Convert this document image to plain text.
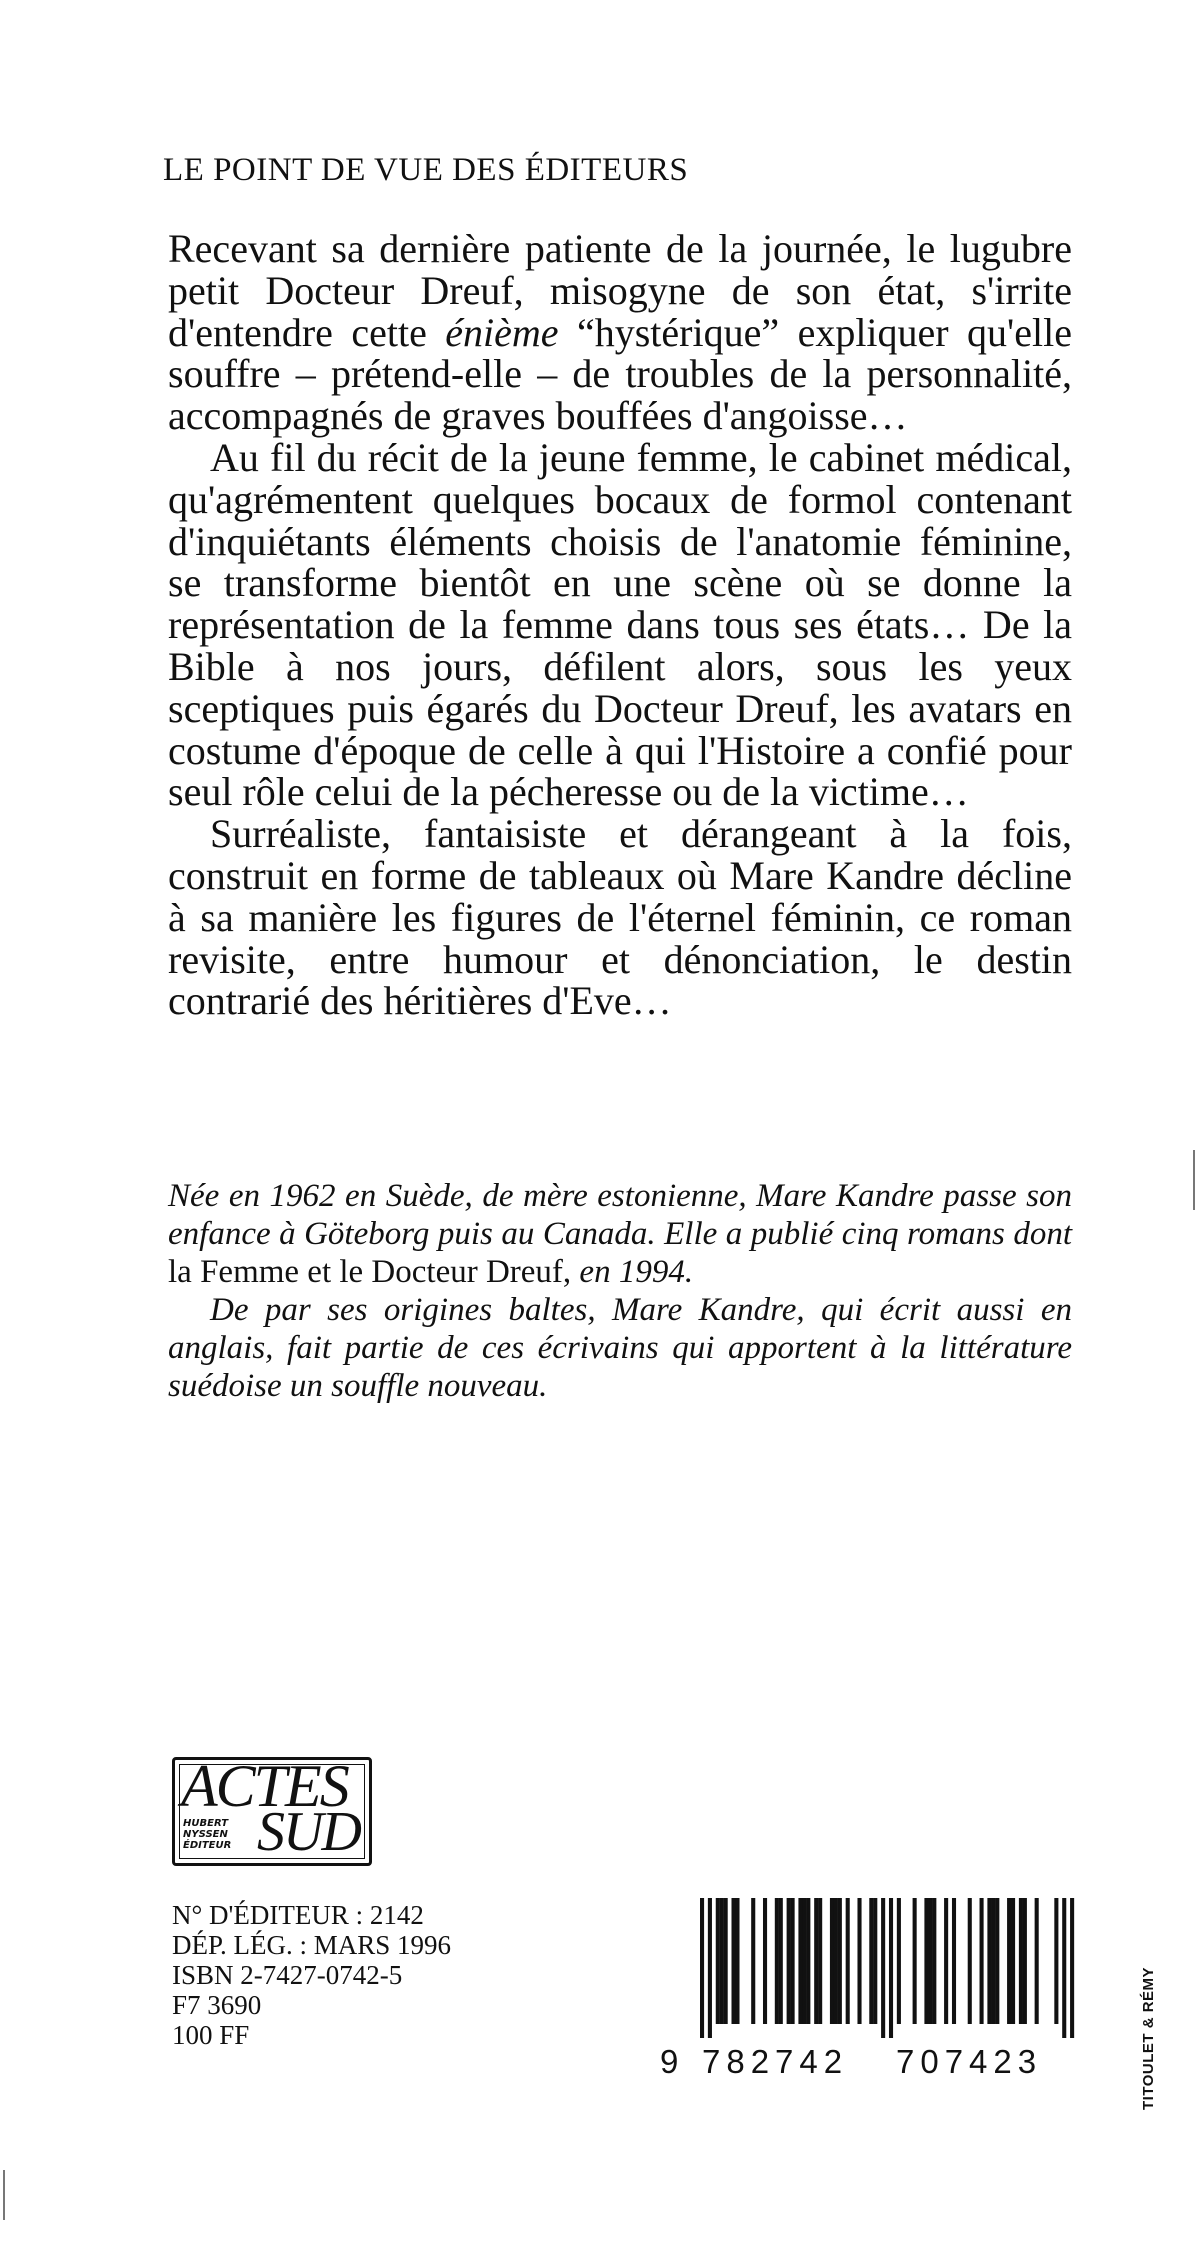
LE POINT DE VUE DES ÉDITEURS

Recevant sa dernière patiente de la journée, le lugubre petit Docteur Dreuf, misogyne de son état, s'irrite d'entendre cette énième “hystérique” expliquer qu'elle souffre – prétend-elle – de troubles de la personnalité, accompagnés de graves bouffées d'angoisse…

Au fil du récit de la jeune femme, le cabinet médical, qu'agrémentent quelques bocaux de formol contenant d'inquiétants éléments choisis de l'anatomie féminine, se transforme bientôt en une scène où se donne la représentation de la femme dans tous ses états… De la Bible à nos jours, défilent alors, sous les yeux sceptiques puis égarés du Docteur Dreuf, les avatars en costume d'époque de celle à qui l'Histoire a confié pour seul rôle celui de la pécheresse ou de la victime…

Surréaliste, fantaisiste et dérangeant à la fois, construit en forme de tableaux où Mare Kandre décline à sa manière les figures de l'éternel féminin, ce roman revisite, entre humour et dénonciation, le destin contrarié des héritières d'Eve…

Née en 1962 en Suède, de mère estonienne, Mare Kandre passe son enfance à Göteborg puis au Canada. Elle a publié cinq romans dont la Femme et le Docteur Dreuf, en 1994.

De par ses origines baltes, Mare Kandre, qui écrit aussi en anglais, fait partie de ces écrivains qui apportent à la littérature suédoise un souffle nouveau.

ACTES
HUBERT
NYSSEN
ÉDITEUR SUD
N° D'ÉDITEUR : 2142
DÉP. LÉG. : MARS 1996
ISBN 2-7427-0742-5
F7 3690
100 FF
9 782742 707423	TITOULET & RÉMY
